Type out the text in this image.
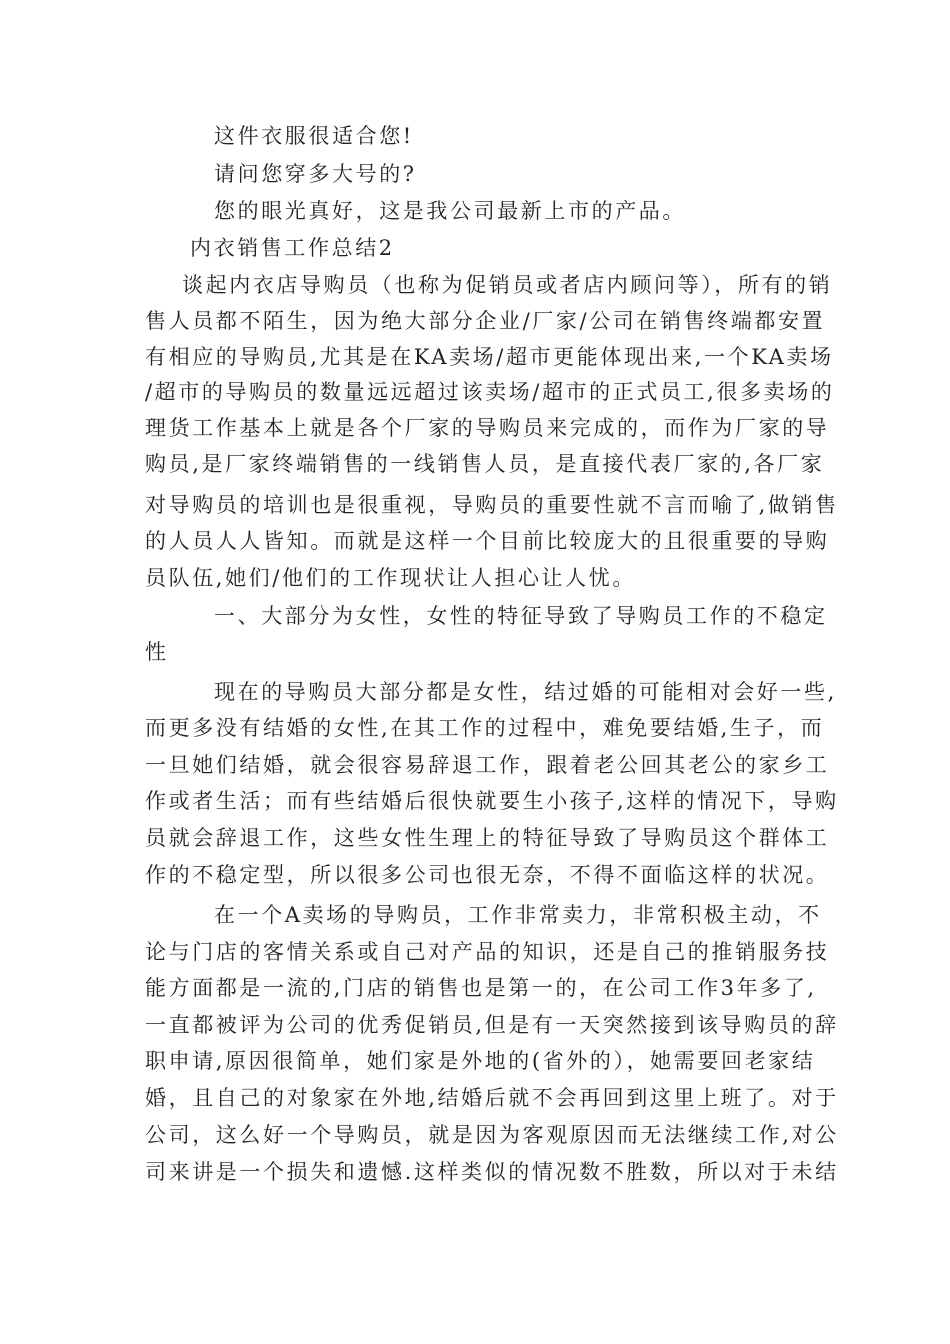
这件衣服很适合您!
请问您穿多大号的?
您的眼光真好，这是我公司最新上市的产品。
内衣销售工作总结2
谈起内衣店导购员（也称为促销员或者店内顾问等），所有的销
售人员都不陌生，因为绝大部分企业/厂家/公司在销售终端都安置
有相应的导购员,尤其是在KA卖场/超市更能体现出来,一个KA卖场
/超市的导购员的数量远远超过该卖场/超市的正式员工,很多卖场的
理货工作基本上就是各个厂家的导购员来完成的，而作为厂家的导
购员,是厂家终端销售的一线销售人员，是直接代表厂家的,各厂家
对导购员的培训也是很重视，导购员的重要性就不言而喻了,做销售
的人员人人皆知。而就是这样一个目前比较庞大的且很重要的导购
员队伍,她们/他们的工作现状让人担心让人忧。
一、大部分为女性，女性的特征导致了导购员工作的不稳定
性
现在的导购员大部分都是女性，结过婚的可能相对会好一些,
而更多没有结婚的女性,在其工作的过程中，难免要结婚,生子，而
一旦她们结婚，就会很容易辞退工作，跟着老公回其老公的家乡工
作或者生活；而有些结婚后很快就要生小孩子,这样的情况下，导购
员就会辞退工作，这些女性生理上的特征导致了导购员这个群体工
作的不稳定型，所以很多公司也很无奈，不得不面临这样的状况。
在一个A卖场的导购员，工作非常卖力，非常积极主动，不
论与门店的客情关系或自己对产品的知识，还是自己的推销服务技
能方面都是一流的,门店的销售也是第一的，在公司工作3年多了,
一直都被评为公司的优秀促销员,但是有一天突然接到该导购员的辞
职申请,原因很简单，她们家是外地的(省外的），她需要回老家结
婚，且自己的对象家在外地,结婚后就不会再回到这里上班了。对于
公司，这么好一个导购员，就是因为客观原因而无法继续工作,对公
司来讲是一个损失和遗憾.这样类似的情况数不胜数，所以对于未结
